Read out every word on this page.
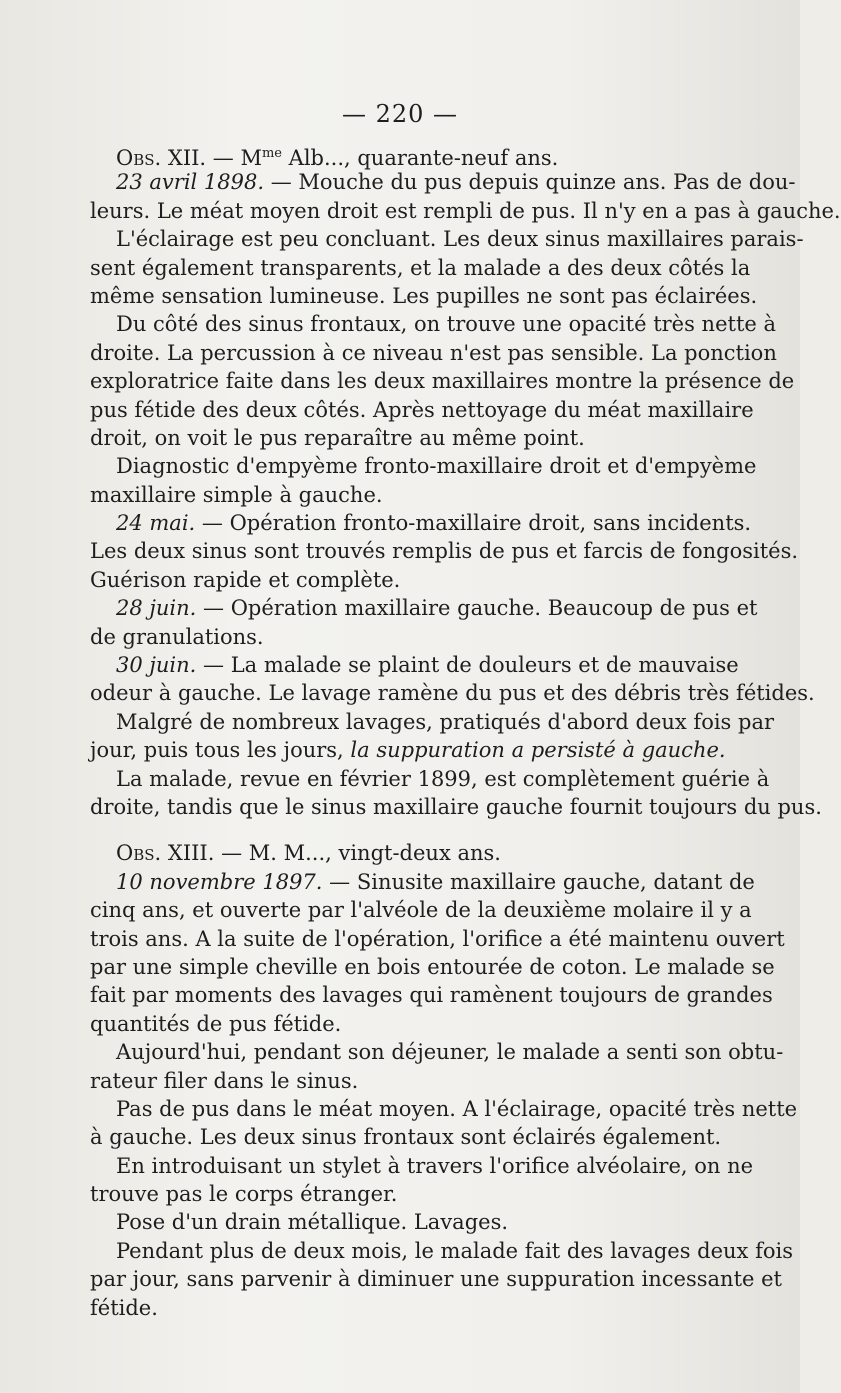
— 220 —
Obs. XII. — $M^{me}$ Alb..., quarante-neuf ans.
23 avril 1898. — Mouche du pus depuis quinze ans. Pas de dou-
leurs. Le méat moyen droit est rempli de pus. Il n'y en a pas à gauche.
L'éclairage est peu concluant. Les deux sinus maxillaires parais-
sent également transparents, et la malade a des deux côtés la
même sensation lumineuse. Les pupilles ne sont pas éclairées.
Du côté des sinus frontaux, on trouve une opacité très nette à
droite. La percussion à ce niveau n'est pas sensible. La ponction
exploratrice faite dans les deux maxillaires montre la présence de
pus fétide des deux côtés. Après nettoyage du méat maxillaire
droit, on voit le pus reparaître au même point.
Diagnostic d'empyème fronto-maxillaire droit et d'empyème
maxillaire simple à gauche.
24 mai. — Opération fronto-maxillaire droit, sans incidents.
Les deux sinus sont trouvés remplis de pus et farcis de fongosités.
Guérison rapide et complète.
28 juin. — Opération maxillaire gauche. Beaucoup de pus et
de granulations.
30 juin. — La malade se plaint de douleurs et de mauvaise
odeur à gauche. Le lavage ramène du pus et des débris très fétides.
Malgré de nombreux lavages, pratiqués d'abord deux fois par
jour, puis tous les jours, la suppuration a persisté à gauche.
La malade, revue en février 1899, est complètement guérie à
droite, tandis que le sinus maxillaire gauche fournit toujours du pus.
Obs. XIII. — M. M..., vingt-deux ans.
10 novembre 1897. — Sinusite maxillaire gauche, datant de
cinq ans, et ouverte par l'alvéole de la deuxième molaire il y a
trois ans. A la suite de l'opération, l'orifice a été maintenu ouvert
par une simple cheville en bois entourée de coton. Le malade se
fait par moments des lavages qui ramènent toujours de grandes
quantités de pus fétide.
Aujourd'hui, pendant son déjeuner, le malade a senti son obtu-
rateur filer dans le sinus.
Pas de pus dans le méat moyen. A l'éclairage, opacité très nette
à gauche. Les deux sinus frontaux sont éclairés également.
En introduisant un stylet à travers l'orifice alvéolaire, on ne
trouve pas le corps étranger.
Pose d'un drain métallique. Lavages.
Pendant plus de deux mois, le malade fait des lavages deux fois
par jour, sans parvenir à diminuer une suppuration incessante et
fétide.
